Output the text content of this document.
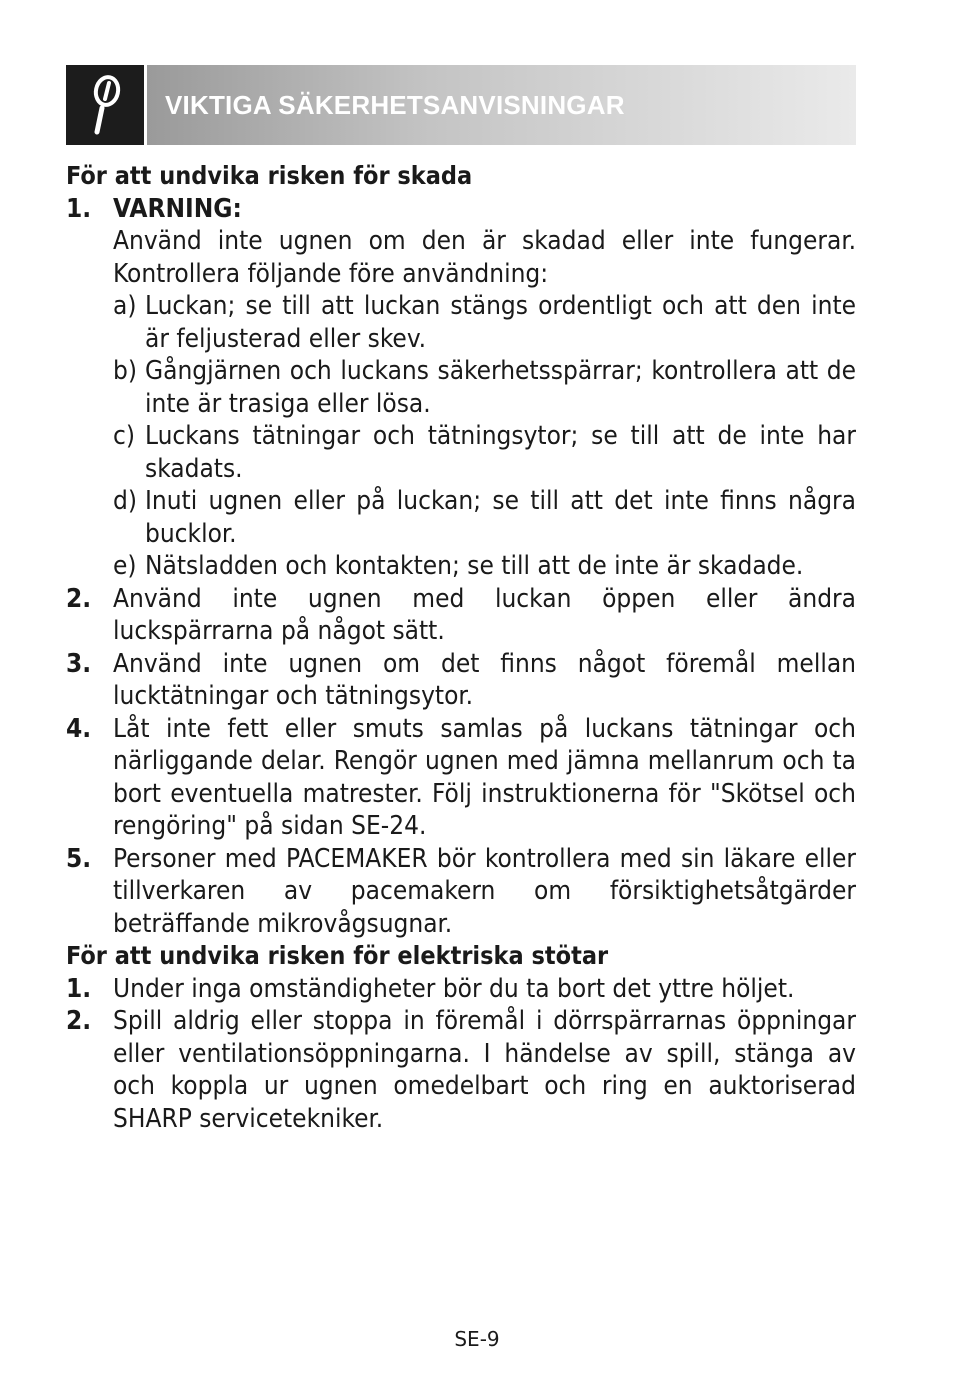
VIKTIGA SÄKERHETSANVISNINGAR

För att undvika risken för skada

1. VARNING:
Använd inte ugnen om den är skadad eller inte fungerar. Kontrollera följande före användning:
a) Luckan; se till att luckan stängs ordentligt och att den inte är feljusterad eller skev.
b) Gångjärnen och luckans säkerhetsspärrar; kontrollera att de inte är trasiga eller lösa.
c) Luckans tätningar och tätningsytor; se till att de inte har skadats.
d) Inuti ugnen eller på luckan; se till att det inte finns några bucklor.
e) Nätsladden och kontakten; se till att de inte är skadade.
2. Använd inte ugnen med luckan öppen eller ändra luckspärrarna på något sätt.
3. Använd inte ugnen om det finns något föremål mellan lucktätningar och tätningsytor.
4. Låt inte fett eller smuts samlas på luckans tätningar och närliggande delar. Rengör ugnen med jämna mellanrum och ta bort eventuella matrester. Följ instruktionerna för "Skötsel och rengöring" på sidan SE-24.
5. Personer med PACEMAKER bör kontrollera med sin läkare eller tillverkaren av pacemakern om försiktighetsåtgärder beträffande mikrovågsugnar.

För att undvika risken för elektriska stötar

1. Under inga omständigheter bör du ta bort det yttre höljet.
2. Spill aldrig eller stoppa in föremål i dörrspärrarnas öppningar eller ventilationsöppningarna. I händelse av spill, stänga av och koppla ur ugnen omedelbart och ring en auktoriserad SHARP servicetekniker.
SE-9
